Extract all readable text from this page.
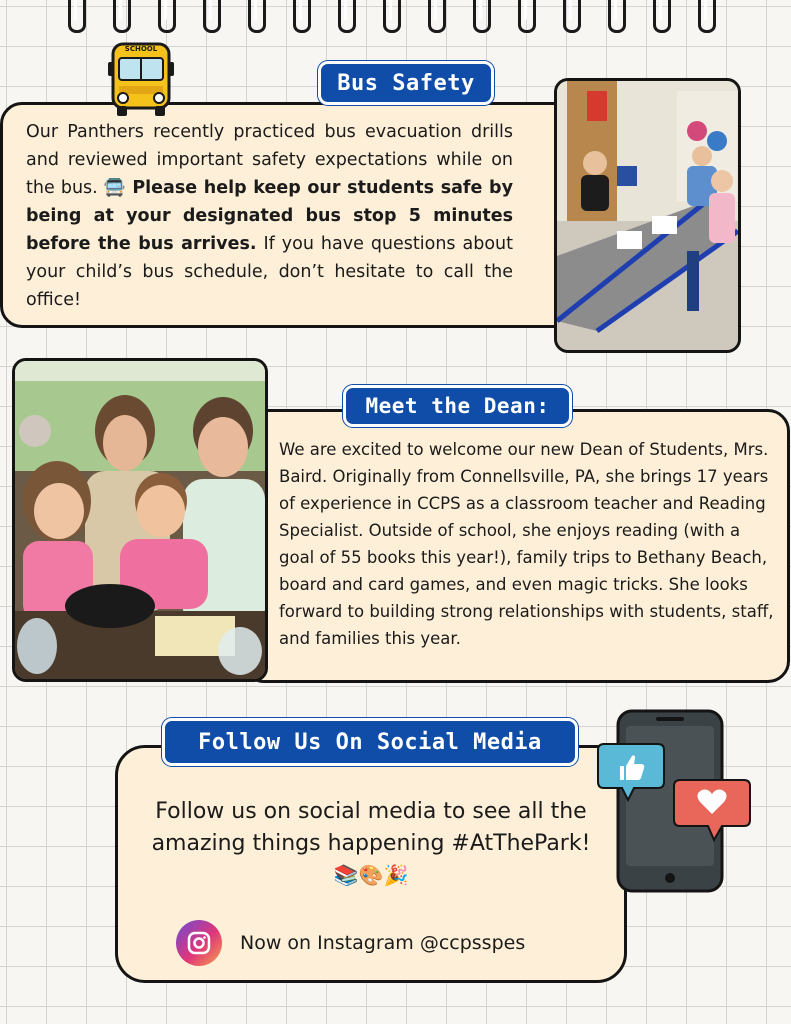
Our Panthers recently practiced bus evacuation drills and reviewed important safety expectations while on the bus. 🚍 Please help keep our students safe by being at your designated bus stop 5 minutes before the bus arrives. If you have questions about your child’s bus schedule, don’t hesitate to call the office!
Bus Safety
SCHOOL
We are excited to welcome our new Dean of Students, Mrs. Baird. Originally from Connellsville, PA, she brings 17 years of experience in CCPS as a classroom teacher and Reading Specialist. Outside of school, she enjoys reading (with a goal of 55 books this year!), family trips to Bethany Beach, board and card games, and even magic tricks. She looks forward to building strong relationships with students, staff, and families this year.
Meet the Dean:
Follow us on social media to see all the
amazing things happening #AtThePark!
📚🎨🎉
Follow Us On Social Media
Now on Instagram @ccpsspes
